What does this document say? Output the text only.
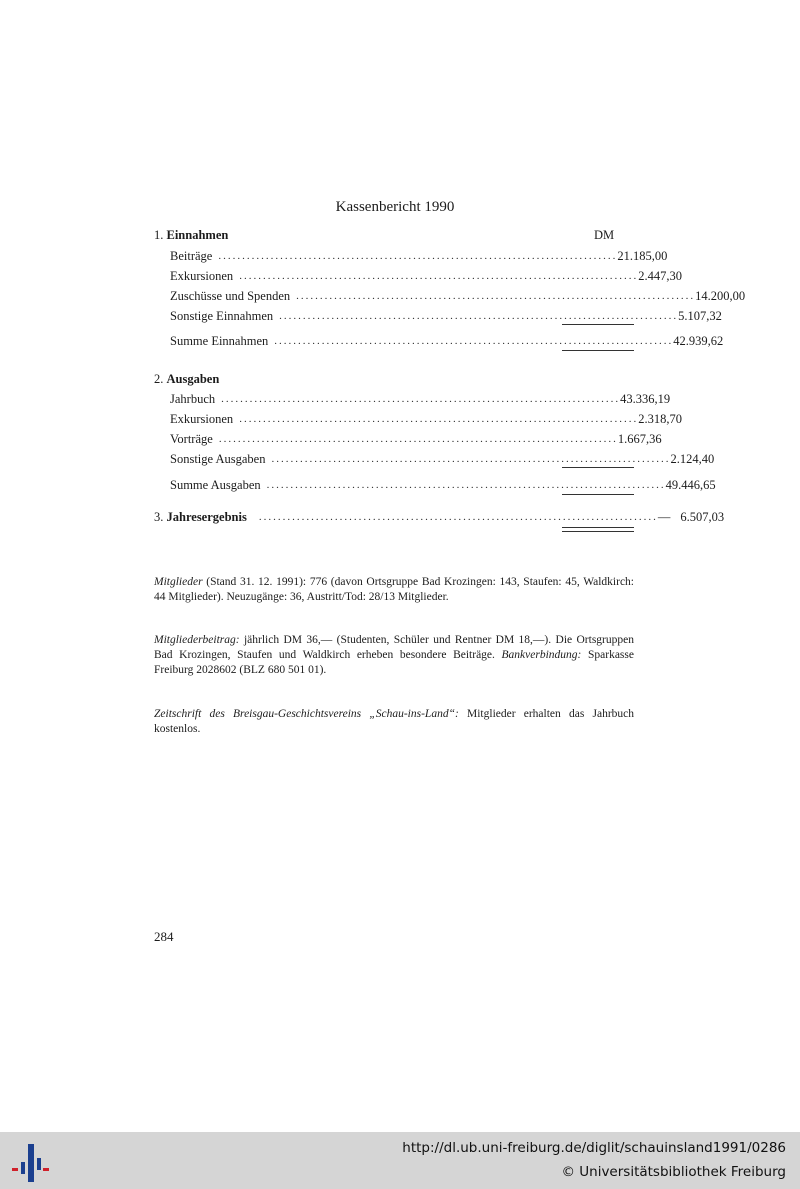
Kassenbericht 1990
1. Einnahmen	DM
Beiträge .................................................................................... 21.185,00
Exkursionen .................................................................................... 2.447,30
Zuschüsse und Spenden .................................................................................... 14.200,00
Sonstige Einnahmen .................................................................................... 5.107,32
Summe Einnahmen .................................................................................... 42.939,62
2. Ausgaben
Jahrbuch .................................................................................... 43.336,19
Exkursionen .................................................................................... 2.318,70
Vorträge .................................................................................... 1.667,36
Sonstige Ausgaben .................................................................................... 2.124,40
Summe Ausgaben .................................................................................... 49.446,65
3. Jahresergebnis	.................................................................................... — 6.507,03
Mitglieder (Stand 31. 12. 1991): 776 (davon Ortsgruppe Bad Krozingen: 143, Staufen: 45, Waldkirch: 44 Mitglieder). Neuzugänge: 36, Austritt/Tod: 28/13 Mitglieder.
Mitgliederbeitrag: jährlich DM 36,— (Studenten, Schüler und Rentner DM 18,—). Die Ortsgruppen Bad Krozingen, Staufen und Waldkirch erheben besondere Beiträge. Bankverbindung: Sparkasse Freiburg 2028602 (BLZ 680 501 01).
Zeitschrift des Breisgau-Geschichtsvereins „Schau-ins-Land“: Mitglieder erhalten das Jahrbuch kostenlos.
284
http://dl.ub.uni-freiburg.de/diglit/schauinsland1991/0286
© Universitätsbibliothek Freiburg
